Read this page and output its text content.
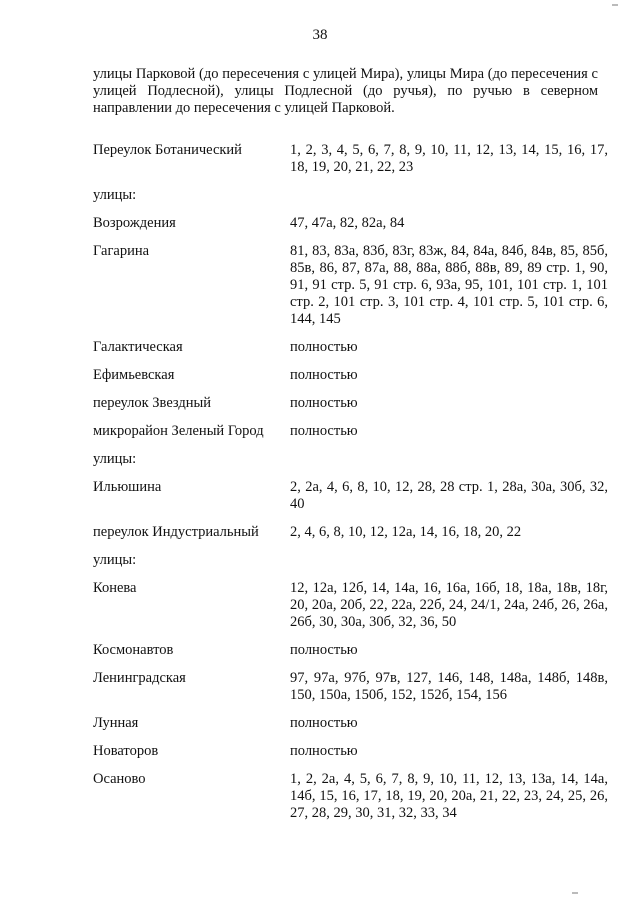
38
улицы Парковой (до пересечения с улицей Мира), улицы Мира (до пересечения с улицей Подлесной), улицы Подлесной (до ручья), по ручью в северном направлении до пересечения с улицей Парковой.
Переулок Ботанический	1, 2, 3, 4, 5, 6, 7, 8, 9, 10, 11, 12, 13, 14, 15, 16, 17, 18, 19, 20, 21, 22, 23
улицы:
Возрождения	47, 47а, 82, 82а, 84
Гагарина	81, 83, 83а, 83б, 83г, 83ж, 84, 84а, 84б, 84в, 85, 85б, 85в, 86, 87, 87а, 88, 88а, 88б, 88в, 89, 89 стр. 1, 90, 91, 91 стр. 5, 91 стр. 6, 93а, 95, 101, 101 стр. 1, 101 стр. 2, 101 стр. 3, 101 стр. 4, 101 стр. 5, 101 стр. 6, 144, 145
Галактическая	полностью
Ефимьевская	полностью
переулок Звездный	полностью
микрорайон Зеленый Город	полностью
улицы:
Ильюшина	2, 2а, 4, 6, 8, 10, 12, 28, 28 стр. 1, 28а, 30а, 30б, 32, 40
переулок Индустриальный	2, 4, 6, 8, 10, 12, 12а, 14, 16, 18, 20, 22
улицы:
Конева	12, 12а, 12б, 14, 14а, 16, 16а, 16б, 18, 18а, 18в, 18г, 20, 20а, 20б, 22, 22а, 22б, 24, 24/1, 24а, 24б, 26, 26а, 26б, 30, 30а, 30б, 32, 36, 50
Космонавтов	полностью
Ленинградская	97, 97а, 97б, 97в, 127, 146, 148, 148а, 148б, 148в, 150, 150а, 150б, 152, 152б, 154, 156
Лунная	полностью
Новаторов	полностью
Осаново	1, 2, 2а, 4, 5, 6, 7, 8, 9, 10, 11, 12, 13, 13а, 14, 14а, 14б, 15, 16, 17, 18, 19, 20, 20а, 21, 22, 23, 24, 25, 26, 27, 28, 29, 30, 31, 32, 33, 34
